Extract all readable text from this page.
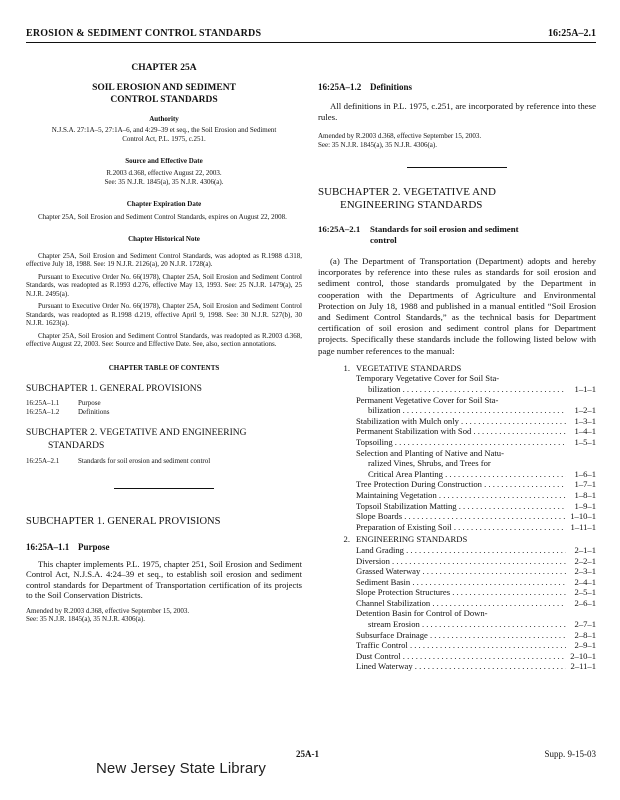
EROSION & SEDIMENT CONTROL STANDARDS	16:25A–2.1

CHAPTER 25A

SOIL EROSION AND SEDIMENT

CONTROL STANDARDS

Authority

N.J.S.A. 27:1A–5, 27:1A–6, and 4:29–39 et seq., the Soil Erosion and Sediment Control Act, P.L. 1975, c.251.

Source and Effective Date

R.2003 d.368, effective August 22, 2003.

See: 35 N.J.R. 1845(a), 35 N.J.R. 4306(a).

Chapter Expiration Date

Chapter 25A, Soil Erosion and Sediment Control Standards, expires on August 22, 2008.

Chapter Historical Note

Chapter 25A, Soil Erosion and Sediment Control Standards, was adopted as R.1988 d.318, effective July 18, 1988. See: 19 N.J.R. 2126(a), 20 N.J.R. 1728(a).

Pursuant to Executive Order No. 66(1978), Chapter 25A, Soil Erosion and Sediment Control Standards, was readopted as R.1993 d.276, effective May 13, 1993. See: 25 N.J.R. 1479(a), 25 N.J.R. 2495(a).

Pursuant to Executive Order No. 66(1978), Chapter 25A, Soil Erosion and Sediment Control Standards, was readopted as R.1998 d.219, effective April 9, 1998. See: 30 N.J.R. 527(b), 30 N.J.R. 1623(a).

Chapter 25A, Soil Erosion and Sediment Control Standards, was readopted as R.2003 d.368, effective August 22, 2003. See: Source and Effective Date. See, also, section annotations.

CHAPTER TABLE OF CONTENTS

SUBCHAPTER 1. GENERAL PROVISIONS

16:25A–1.1	Purpose
16:25A–1.2	Definitions

SUBCHAPTER 2. VEGETATIVE AND ENGINEERING

STANDARDS

16:25A–2.1	Standards for soil erosion and sediment control

SUBCHAPTER 1. GENERAL PROVISIONS

16:25A–1.1 Purpose

This chapter implements P.L. 1975, chapter 251, Soil Erosion and Sediment Control Act, N.J.S.A. 4:24–39 et seq., to establish soil erosion and sediment control standards for Department of Transportation certification of its projects to the Soil Conservation Districts.

Amended by R.2003 d.368, effective September 15, 2003.

See: 35 N.J.R. 1845(a), 35 N.J.R. 4306(a).

16:25A–1.2 Definitions

All definitions in P.L. 1975, c.251, are incorporated by reference into these rules.

Amended by R.2003 d.368, effective September 15, 2003.

See: 35 N.J.R. 1845(a), 35 N.J.R. 4306(a).

SUBCHAPTER 2. VEGETATIVE AND

ENGINEERING STANDARDS

16:25A–2.1	Standards for soil erosion and sediment
control

(a) The Department of Transportation (Department) adopts and hereby incorporates by reference into these rules as standards for soil erosion and sediment control, those standards promulgated by the Department in cooperation with the Departments of Agriculture and Environmental Protection on July 18, 1988 and published in a manual entitled “Soil Erosion and Sediment Control Standards,” as the technical basis for Department certification of soil erosion and sediment control plans for Department projects. Specifically these standards include the following listed below with page number references to the manual:

1. VEGETATIVE STANDARDS
Temporary Vegetative Cover for Soil Sta-
bilization . . .	1–1–1
Permanent Vegetative Cover for Soil Sta-
bilization . . .	1–2–1
Stabilization with Mulch only . . .	1–3–1
Permanent Stabilization with Sod . . .	1–4–1
Topsoiling . . .	1–5–1
Selection and Planting of Native and Natu-
ralized Vines, Shrubs, and Trees for
Critical Area Planting . . .	1–6–1
Tree Protection During Construction . . .	1–7–1
Maintaining Vegetation . . .	1–8–1
Topsoil Stabilization Matting . . .	1–9–1
Slope Boards . . .	1–10–1
Preparation of Existing Soil . . .	1–11–1
2. ENGINEERING STANDARDS
Land Grading . . .	2–1–1
Diversion . . .	2–2–1
Grassed Waterway . . .	2–3–1
Sediment Basin . . .	2–4–1
Slope Protection Structures . . .	2–5–1
Channel Stabilization . . .	2–6–1
Detention Basin for Control of Down-
stream Erosion . . .	2–7–1
Subsurface Drainage . . .	2–8–1
Traffic Control . . .	2–9–1
Dust Control . . .	2–10–1
Lined Waterway . . .	2–11–1
25A-1	Supp. 9-15-03
New Jersey State Library
